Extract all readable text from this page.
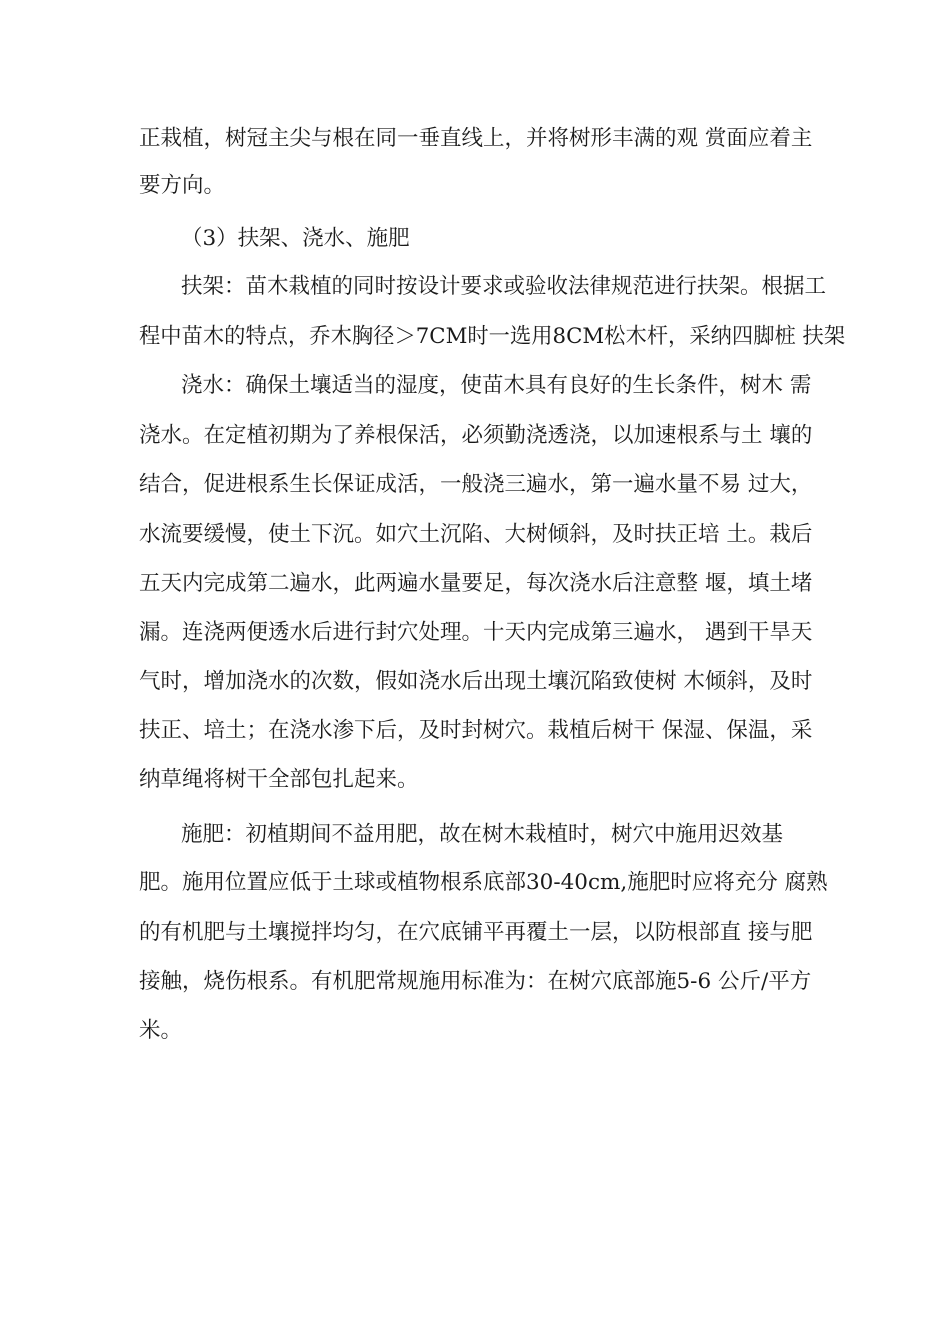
正栽植，树冠主尖与根在同一垂直线上，并将树形丰满的观 赏面应着主
要方向。
（3）扶架、浇水、施肥
扶架：苗木栽植的同时按设计要求或验收法律规范进行扶架。根据工
程中苗木的特点，乔木胸径＞7CM时一选用8CM松木杆，采纳四脚桩 扶架
浇水：确保土壤适当的湿度，使苗木具有良好的生长条件，树木 需
浇水。在定植初期为了养根保活，必须勤浇透浇，以加速根系与土 壤的
结合，促进根系生长保证成活，一般浇三遍水，第一遍水量不易 过大，
水流要缓慢，使土下沉。如穴土沉陷、大树倾斜，及时扶正培 土。栽后
五天内完成第二遍水，此两遍水量要足，每次浇水后注意整 堰，填土堵
漏。连浇两便透水后进行封穴处理。十天内完成第三遍水， 遇到干旱天
气时，增加浇水的次数，假如浇水后出现土壤沉陷致使树 木倾斜，及时
扶正、培土；在浇水渗下后，及时封树穴。栽植后树干 保湿、保温，采
纳草绳将树干全部包扎起来。
施肥：初植期间不益用肥，故在树木栽植时，树穴中施用迟效基
肥。施用位置应低于土球或植物根系底部30-40cm,施肥时应将充分 腐熟
的有机肥与土壤搅拌均匀，在穴底铺平再覆土一层，以防根部直 接与肥
接触，烧伤根系。有机肥常规施用标准为：在树穴底部施5-6 公斤/平方
米。
